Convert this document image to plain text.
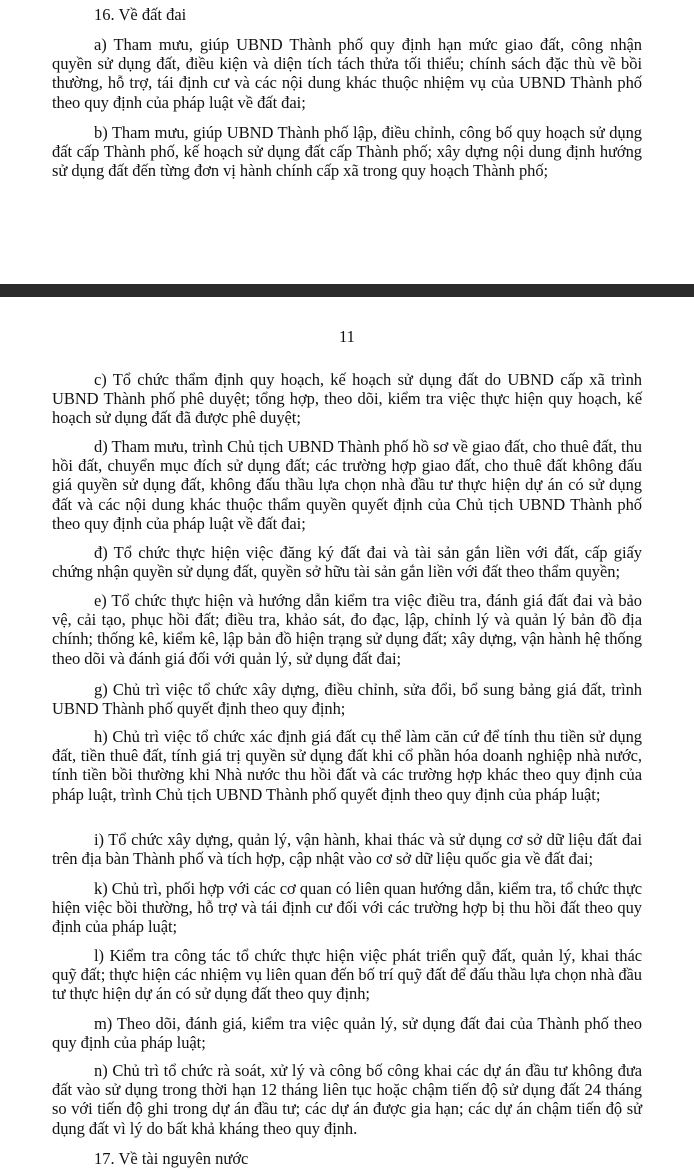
16. Về đất đai
a) Tham mưu, giúp UBND Thành phố quy định hạn mức giao đất, công nhận quyền sử dụng đất, điều kiện và diện tích tách thửa tối thiểu; chính sách đặc thù về bồi thường, hỗ trợ, tái định cư và các nội dung khác thuộc nhiệm vụ của UBND Thành phố theo quy định của pháp luật về đất đai;
b) Tham mưu, giúp UBND Thành phố lập, điều chỉnh, công bố quy hoạch sử dụng đất cấp Thành phố, kế hoạch sử dụng đất cấp Thành phố; xây dựng nội dung định hướng sử dụng đất đến từng đơn vị hành chính cấp xã trong quy hoạch Thành phố;
11
c) Tổ chức thẩm định quy hoạch, kế hoạch sử dụng đất do UBND cấp xã trình UBND Thành phố phê duyệt; tổng hợp, theo dõi, kiểm tra việc thực hiện quy hoạch, kế hoạch sử dụng đất đã được phê duyệt;
d) Tham mưu, trình Chủ tịch UBND Thành phố hồ sơ về giao đất, cho thuê đất, thu hồi đất, chuyển mục đích sử dụng đất; các trường hợp giao đất, cho thuê đất không đấu giá quyền sử dụng đất, không đấu thầu lựa chọn nhà đầu tư thực hiện dự án có sử dụng đất và các nội dung khác thuộc thẩm quyền quyết định của Chủ tịch UBND Thành phố theo quy định của pháp luật về đất đai;
đ) Tổ chức thực hiện việc đăng ký đất đai và tài sản gắn liền với đất, cấp giấy chứng nhận quyền sử dụng đất, quyền sở hữu tài sản gắn liền với đất theo thẩm quyền;
e) Tổ chức thực hiện và hướng dẫn kiểm tra việc điều tra, đánh giá đất đai và bảo vệ, cải tạo, phục hồi đất; điều tra, khảo sát, đo đạc, lập, chỉnh lý và quản lý bản đồ địa chính; thống kê, kiểm kê, lập bản đồ hiện trạng sử dụng đất; xây dựng, vận hành hệ thống theo dõi và đánh giá đối với quản lý, sử dụng đất đai;
g) Chủ trì việc tổ chức xây dựng, điều chỉnh, sửa đổi, bổ sung bảng giá đất, trình UBND Thành phố quyết định theo quy định;
h) Chủ trì việc tổ chức xác định giá đất cụ thể làm căn cứ để tính thu tiền sử dụng đất, tiền thuê đất, tính giá trị quyền sử dụng đất khi cổ phần hóa doanh nghiệp nhà nước, tính tiền bồi thường khi Nhà nước thu hồi đất và các trường hợp khác theo quy định của pháp luật, trình Chủ tịch UBND Thành phố quyết định theo quy định của pháp luật;
i) Tổ chức xây dựng, quản lý, vận hành, khai thác và sử dụng cơ sở dữ liệu đất đai trên địa bàn Thành phố và tích hợp, cập nhật vào cơ sở dữ liệu quốc gia về đất đai;
k) Chủ trì, phối hợp với các cơ quan có liên quan hướng dẫn, kiểm tra, tổ chức thực hiện việc bồi thường, hỗ trợ và tái định cư đối với các trường hợp bị thu hồi đất theo quy định của pháp luật;
l) Kiểm tra công tác tổ chức thực hiện việc phát triển quỹ đất, quản lý, khai thác quỹ đất; thực hiện các nhiệm vụ liên quan đến bố trí quỹ đất để đấu thầu lựa chọn nhà đầu tư thực hiện dự án có sử dụng đất theo quy định;
m) Theo dõi, đánh giá, kiểm tra việc quản lý, sử dụng đất đai của Thành phố theo quy định của pháp luật;
n) Chủ trì tổ chức rà soát, xử lý và công bố công khai các dự án đầu tư không đưa đất vào sử dụng trong thời hạn 12 tháng liên tục hoặc chậm tiến độ sử dụng đất 24 tháng so với tiến độ ghi trong dự án đầu tư; các dự án được gia hạn; các dự án chậm tiến độ sử dụng đất vì lý do bất khả kháng theo quy định.
17. Về tài nguyên nước
